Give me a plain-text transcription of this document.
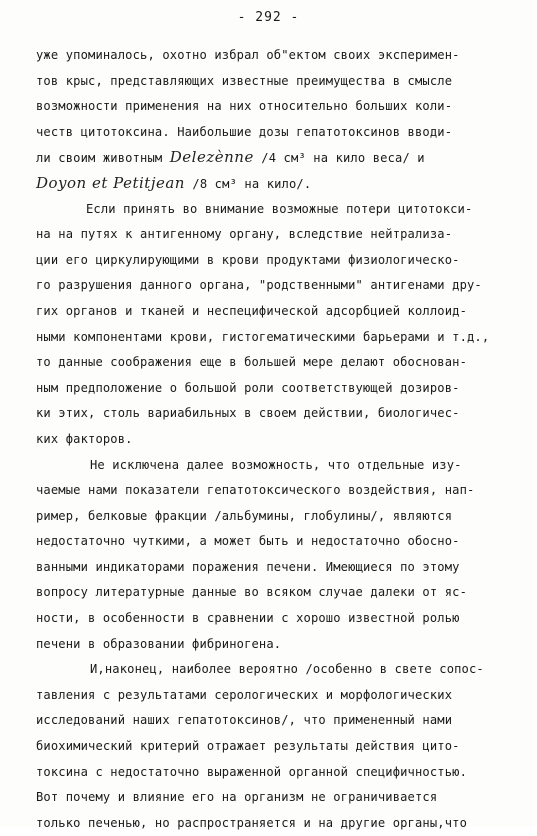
- 292 -
уже упоминалось, охотно избрал об"ектом своих эксперимен-
тов крыс, представляющих известные преимущества в смысле
возможности применения на них относительно больших коли-
честв цитотоксина. Наибольшие дозы гепатотоксинов вводи-
ли своим животным Delezènne /4 см³ на кило веса/ и
Doyon et Petitjean /8 см³ на кило/.
Если принять во внимание возможные потери цитотокси-
на на путях к антигенному органу, вследствие нейтрализа-
ции его циркулирующими в крови продуктами физиологическо-
го разрушения данного органа, "родственными" антигенами дру-
гих органов и тканей и неспецифической адсорбцией коллоид-
ными компонентами крови, гистогематическими барьерами и т.д.,
то данные соображения еще в большей мере делают обоснован-
ным предположение о большой роли соответствующей дозиров-
ки этих, столь вариабильных в своем действии, биологичес-
ких факторов.
Не исключена далее возможность, что отдельные изу-
чаемые нами показатели гепатотоксического воздействия, нап-
ример, белковые фракции /альбумины, глобулины/, являются
недостаточно чуткими, а может быть и недостаточно обосно-
ванными индикаторами поражения печени. Имеющиеся по этому
вопросу литературные данные во всяком случае далеки от яс-
ности, в особенности в сравнении с хорошо известной ролью
печени в образовании фибриногена.
И,наконец, наиболее вероятно /особенно в свете сопос-
тавления с результатами серологических и морфологических
исследований наших гепатотоксинов/, что примененный нами
биохимический критерий отражает результаты действия цито-
токсина с недостаточно выраженной органной специфичностью.
Вот почему и влияние его на организм не ограничивается
только печенью, но распространяется и на другие органы,что
